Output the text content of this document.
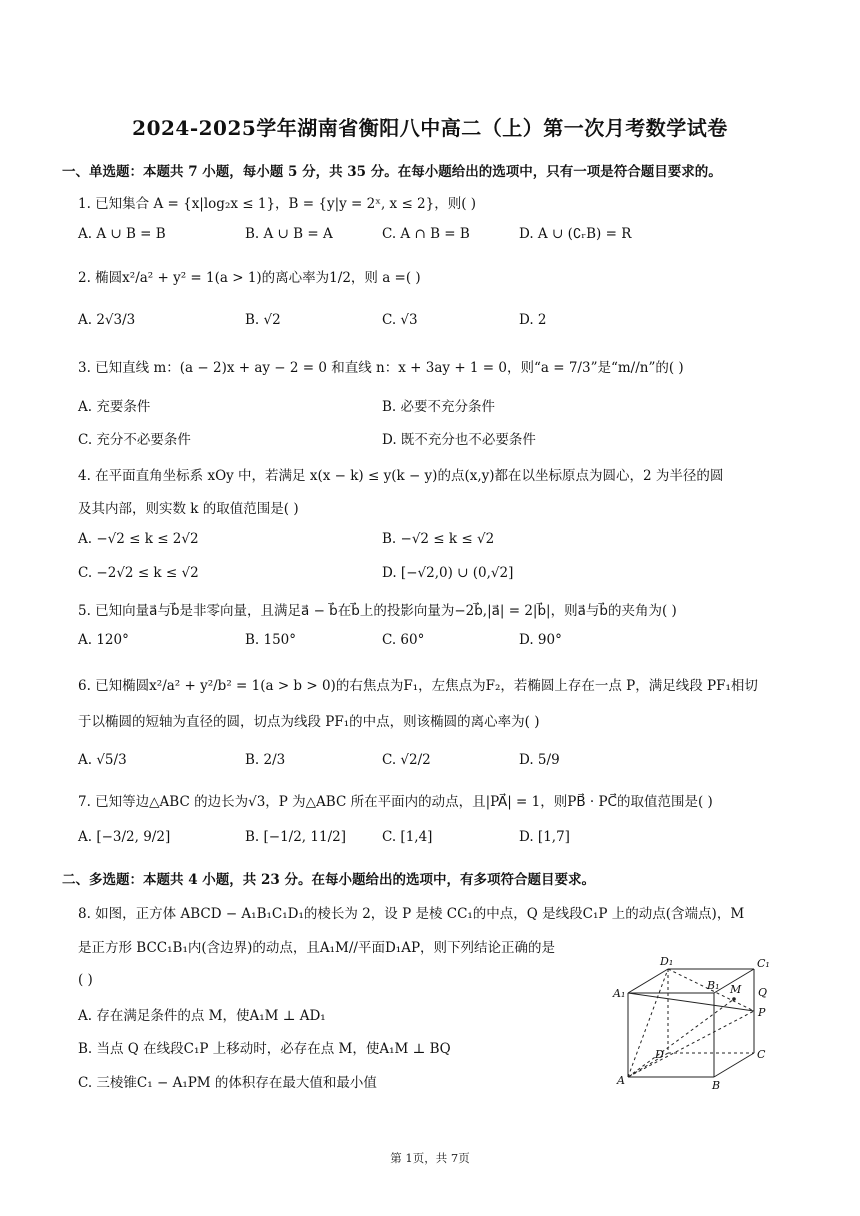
2024-2025学年湖南省衡阳八中高二（上）第一次月考数学试卷
一、单选题：本题共 7 小题，每小题 5 分，共 35 分。在每小题给出的选项中，只有一项是符合题目要求的。
1. 已知集合 A = {x|log₂x ≤ 1}，B = {y|y = 2ˣ, x ≤ 2}，则( )
A. A ∪ B = B	B. A ∪ B = A	C. A ∩ B = B	D. A ∪ (∁ᵣB) = R
2. 椭圆x²/a² + y² = 1(a > 1)的离心率为1/2，则 a =( )
A. 2√3/3	B. √2	C. √3	D. 2
3. 已知直线 m：(a − 2)x + ay − 2 = 0 和直线 n：x + 3ay + 1 = 0，则“a = 7/3”是“m//n”的( )
A. 充要条件	B. 必要不充分条件
C. 充分不必要条件	D. 既不充分也不必要条件
4. 在平面直角坐标系 xOy 中，若满足 x(x − k) ≤ y(k − y)的点(x,y)都在以坐标原点为圆心，2 为半径的圆
及其内部，则实数 k 的取值范围是( )
A. −√2 ≤ k ≤ 2√2	B. −√2 ≤ k ≤ √2
C. −2√2 ≤ k ≤ √2	D. [−√2,0) ∪ (0,√2]
5. 已知向量a⃗与b⃗是非零向量，且满足a⃗ − b⃗在b⃗上的投影向量为−2b⃗,|a⃗| = 2|b⃗|，则a⃗与b⃗的夹角为( )
A. 120°	B. 150°	C. 60°	D. 90°
6. 已知椭圆x²/a² + y²/b² = 1(a > b > 0)的右焦点为F₁，左焦点为F₂，若椭圆上存在一点 P，满足线段 PF₁相切
于以椭圆的短轴为直径的圆，切点为线段 PF₁的中点，则该椭圆的离心率为( )
A. √5/3	B. 2/3	C. √2/2	D. 5/9
7. 已知等边△ABC 的边长为√3，P 为△ABC 所在平面内的动点，且|PA⃗| = 1，则PB⃗ · PC⃗的取值范围是( )
A. [−3/2, 9/2]	B. [−1/2, 11/2]	C. [1,4]	D. [1,7]
二、多选题：本题共 4 小题，共 23 分。在每小题给出的选项中，有多项符合题目要求。
8. 如图，正方体 ABCD − A₁B₁C₁D₁的棱长为 2，设 P 是棱 CC₁的中点，Q 是线段C₁P 上的动点(含端点)，M
是正方形 BCC₁B₁内(含边界)的动点，且A₁M//平面D₁AP，则下列结论正确的是
( )
A. 存在满足条件的点 M，使A₁M ⊥ AD₁
B. 当点 Q 在线段C₁P 上移动时，必存在点 M，使A₁M ⊥ BQ
C. 三棱锥C₁ − A₁PM 的体积存在最大值和最小值
D₁	C₁
A₁
B₁ M Q
P
D	C
A	B
第 1页，共 7页
